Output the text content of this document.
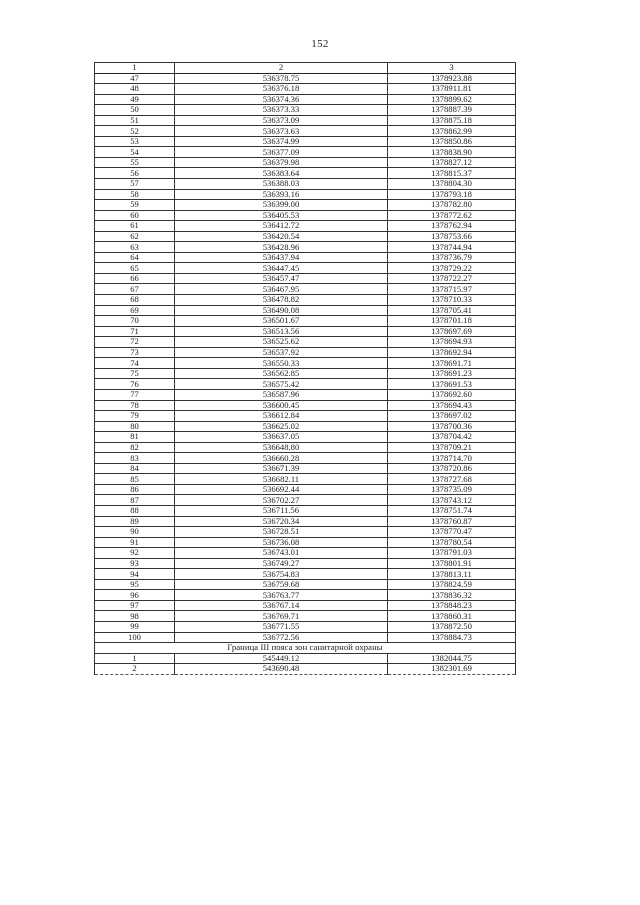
152
1	2	3
47	536378.75	1378923.88
48	536376.18	1378911.81
49	536374.36	1378899.62
50	536373.33	1378887.39
51	536373.09	1378875.18
52	536373.63	1378862.99
53	536374.99	1378850.86
54	536377.09	1378838.90
55	536379.98	1378827.12
56	536383.64	1378815.37
57	536388.03	1378804.30
58	536393.16	1378793.18
59	536399.00	1378782.80
60	536405.53	1378772.62
61	536412.72	1378762.94
62	536420.54	1378753.66
63	536428.96	1378744.94
64	536437.94	1378736.79
65	536447.45	1378729.22
66	536457.47	1378722.27
67	536467.95	1378715.97
68	536478.82	1378710.33
69	536490.08	1378705.41
70	536501.67	1378701.18
71	536513.56	1378697.69
72	536525.62	1378694.93
73	536537.92	1378692.94
74	536550.33	1378691.71
75	536562.85	1378691.23
76	536575.42	1378691.53
77	536587.96	1378692.60
78	536600.45	1378694.43
79	536612.84	1378697.02
80	536625.02	1378700.36
81	536637.05	1378704.42
82	536648.80	1378709.21
83	536660.28	1378714.70
84	536671.39	1378720.86
85	536682.11	1378727.68
86	536692.44	1378735.09
87	536702.27	1378743.12
88	536711.56	1378751.74
89	536720.34	1378760.87
90	536728.51	1378770.47
91	536736.08	1378780.54
92	536743.01	1378791.03
93	536749.27	1378801.91
94	536754.83	1378813.11
95	536759.68	1378824.59
96	536763.77	1378836.32
97	536767.14	1378848.23
98	536769.71	1378860.31
99	536771.55	1378872.50
100	536772.56	1378884.73
Граница III пояса зон санитарной охраны		
1	545449.12	1382044.75
2	543690.48	1382301.69
